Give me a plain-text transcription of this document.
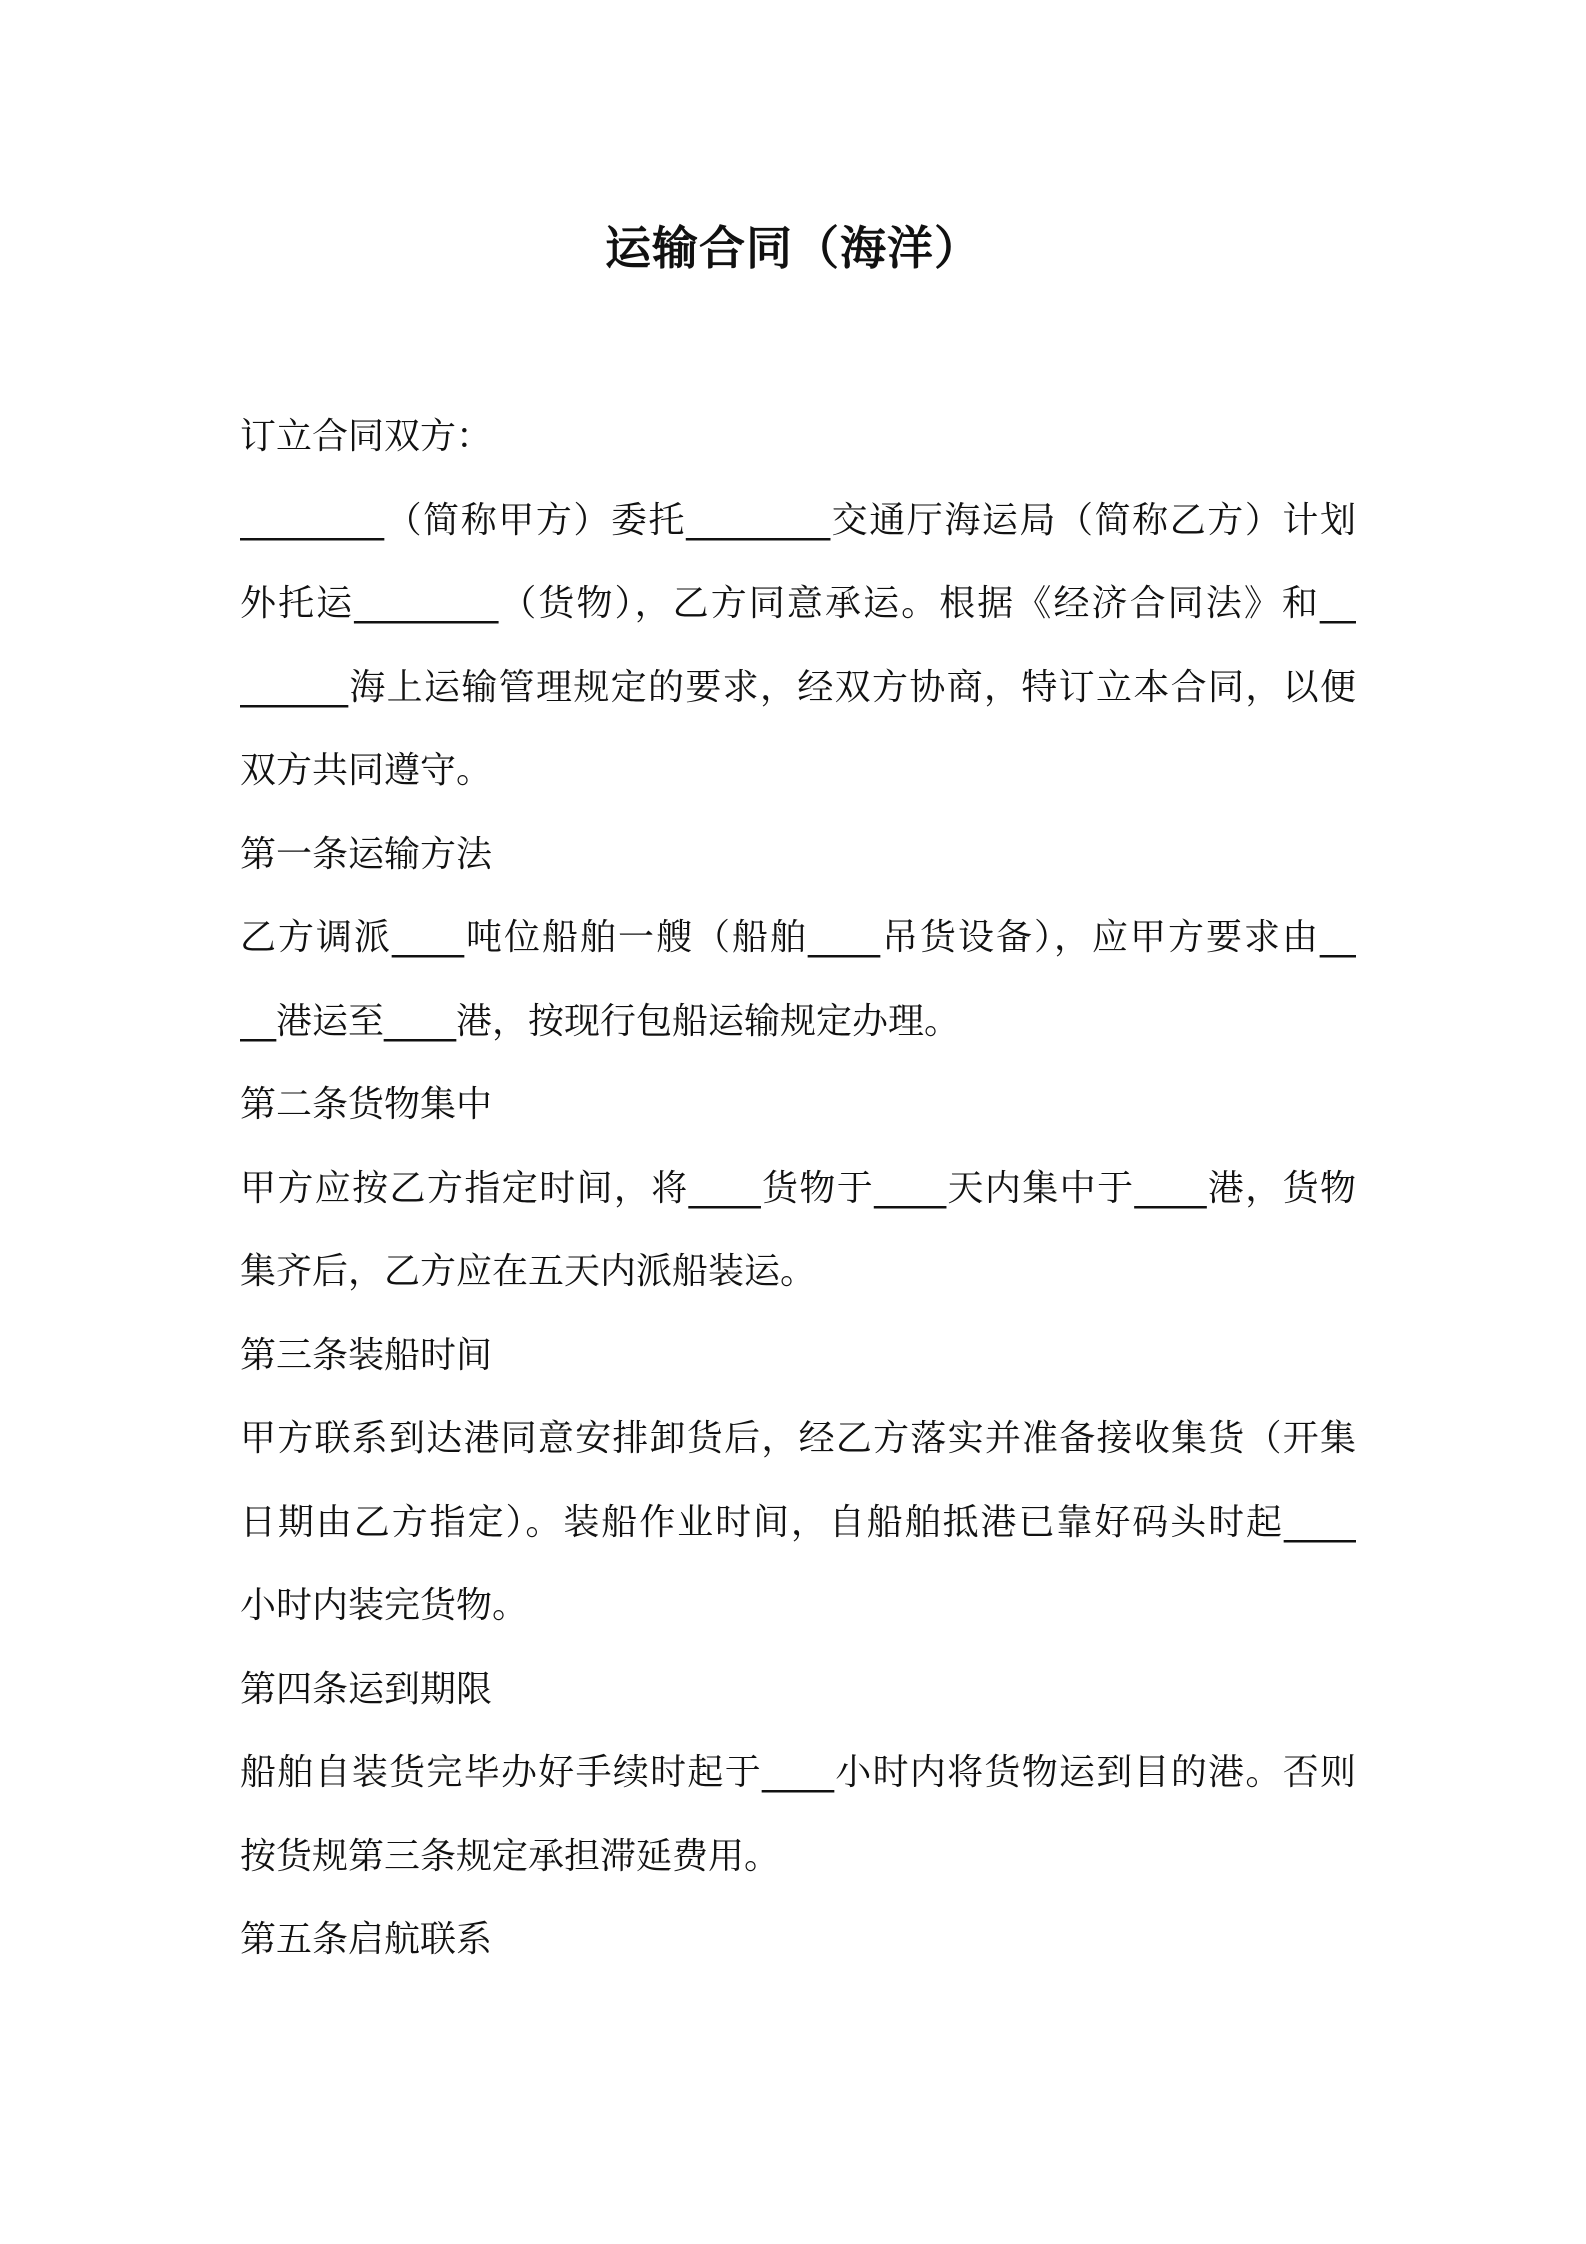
运输合同（海洋）
订立合同双方：
________（简称甲方）委托________交通厅海运局（简称乙方）计划
外托运________（货物），乙方同意承运。根据《经济合同法》和__
______海上运输管理规定的要求，经双方协商，特订立本合同，以便
双方共同遵守。
第一条运输方法
乙方调派____吨位船舶一艘（船舶____吊货设备），应甲方要求由__
__港运至____港，按现行包船运输规定办理。
第二条货物集中
甲方应按乙方指定时间，将____货物于____天内集中于____港，货物
集齐后，乙方应在五天内派船装运。
第三条装船时间
甲方联系到达港同意安排卸货后，经乙方落实并准备接收集货（开集
日期由乙方指定）。装船作业时间，自船舶抵港已靠好码头时起____
小时内装完货物。
第四条运到期限
船舶自装货完毕办好手续时起于____小时内将货物运到目的港。否则
按货规第三条规定承担滞延费用。
第五条启航联系
